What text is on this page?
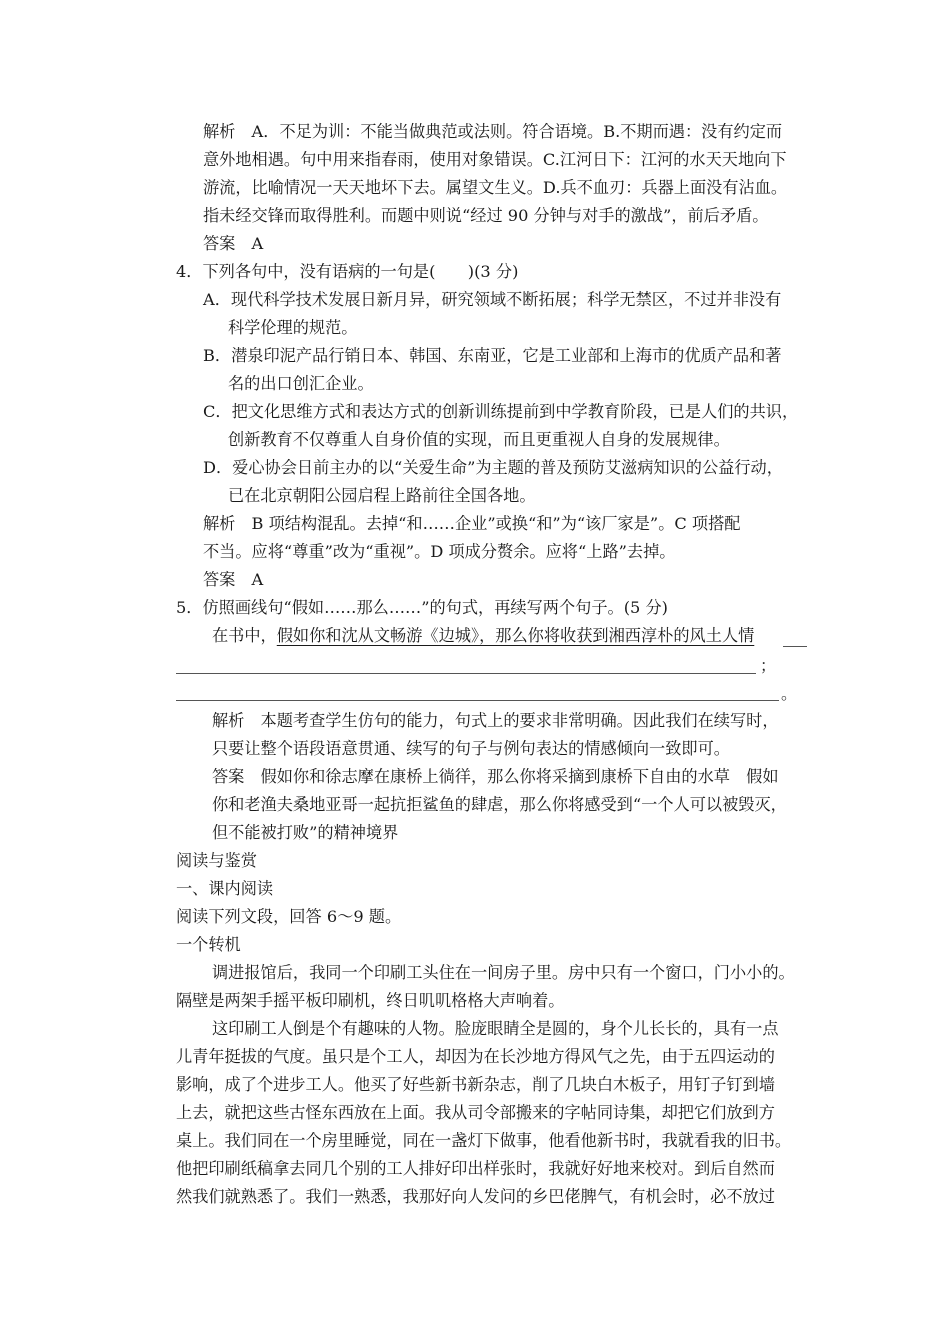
解析　A．不足为训：不能当做典范或法则。符合语境。B.不期而遇：没有约定而
意外地相遇。句中用来指春雨，使用对象错误。C.江河日下：江河的水天天地向下
游流，比喻情况一天天地坏下去。属望文生义。D.兵不血刃：兵器上面没有沾血。
指未经交锋而取得胜利。而题中则说“经过 90 分钟与对手的激战”，前后矛盾。
答案　A
4．下列各句中，没有语病的一句是(　　)(3 分)
A．现代科学技术发展日新月异，研究领域不断拓展；科学无禁区，不过并非没有
科学伦理的规范。
B．潜泉印泥产品行销日本、韩国、东南亚，它是工业部和上海市的优质产品和著
名的出口创汇企业。
C．把文化思维方式和表达方式的创新训练提前到中学教育阶段，已是人们的共识，
创新教育不仅尊重人自身价值的实现，而且更重视人自身的发展规律。
D．爱心协会日前主办的以“关爱生命”为主题的普及预防艾滋病知识的公益行动，
已在北京朝阳公园启程上路前往全国各地。
解析　B 项结构混乱。去掉“和……企业”或换“和”为“该厂家是”。C 项搭配
不当。应将“尊重”改为“重视”。D 项成分赘余。应将“上路”去掉。
答案　A
5．仿照画线句“假如……那么……”的句式，再续写两个句子。(5 分)
在书中，假如你和沈从文畅游《边城》，那么你将收获到湘西淳朴的风土人情
；
。
解析　本题考查学生仿句的能力，句式上的要求非常明确。因此我们在续写时，
只要让整个语段语意贯通、续写的句子与例句表达的情感倾向一致即可。
答案　假如你和徐志摩在康桥上徜徉，那么你将采摘到康桥下自由的水草　假如
你和老渔夫桑地亚哥一起抗拒鲨鱼的肆虐，那么你将感受到“一个人可以被毁灭，
但不能被打败”的精神境界
阅读与鉴赏
一、课内阅读
阅读下列文段，回答 6～9 题。
一个转机
调进报馆后，我同一个印刷工头住在一间房子里。房中只有一个窗口，门小小的。
隔壁是两架手摇平板印刷机，终日叽叽格格大声响着。
这印刷工人倒是个有趣味的人物。脸庞眼睛全是圆的，身个儿长长的，具有一点
儿青年挺拔的气度。虽只是个工人，却因为在长沙地方得风气之先，由于五四运动的
影响，成了个进步工人。他买了好些新书新杂志，削了几块白木板子，用钉子钉到墙
上去，就把这些古怪东西放在上面。我从司令部搬来的字帖同诗集，却把它们放到方
桌上。我们同在一个房里睡觉，同在一盏灯下做事，他看他新书时，我就看我的旧书。
他把印刷纸稿拿去同几个别的工人排好印出样张时，我就好好地来校对。到后自然而
然我们就熟悉了。我们一熟悉，我那好向人发问的乡巴佬脾气，有机会时，必不放过
